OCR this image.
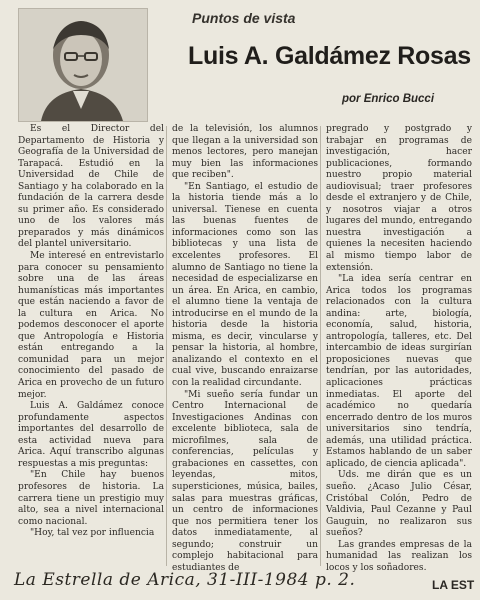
Puntos de vista
Luis A. Galdámez Rosas
por Enrico Bucci

Es el Director del Departamento de Historia y Geografía de la Universidad de Tarapacá. Estudió en la Universidad de Chile de Santiago y ha colaborado en la fundación de la carrera desde su primer año. Es considerado uno de los valores más preparados y más dinámicos del plantel universitario.

Me interesé en entrevistarlo para conocer su pensamiento sobre una de las áreas humanísticas más importantes que están naciendo a favor de la cultura en Arica. No podemos desconocer el aporte que Antropología e Historia están entregando a la comunidad para un mejor conocimiento del pasado de Arica en provecho de un futuro mejor.

Luis A. Galdámez conoce profundamente aspectos importantes del desarrollo de esta actividad nueva para Arica. Aquí transcribo algunas respuestas a mis preguntas:

"En Chile hay buenos profesores de historia. La carrera tiene un prestigio muy alto, sea a nivel internacional como nacional.

"Hoy, tal vez por influencia

de la televisión, los alumnos que llegan a la universidad son menos lectores, pero manejan muy bien las informaciones que reciben".

"En Santiago, el estudio de la historia tiende más a lo universal. Tienese en cuenta las buenas fuentes de informaciones como son las bibliotecas y una lista de excelentes profesores. El alumno de Santiago no tiene la necesidad de especializarse en un área. En Arica, en cambio, el alumno tiene la ventaja de introducirse en el mundo de la historia desde la historia misma, es decir, vincularse y pensar la historia, al hombre, analizando el contexto en el cual vive, buscando enraizarse con la realidad circundante.

"Mi sueño sería fundar un Centro Internacional de Investigaciones Andinas con excelente biblioteca, sala de microfilmes, sala de conferencias, películas y grabaciones en cassettes, con leyendas, mitos, supersticiones, música, bailes, salas para muestras gráficas, un centro de informaciones que nos permitiera tener los datos inmediatamente, al segundo; construir un complejo habitacional para estudiantes de

pregrado y postgrado y trabajar en programas de investigación, hacer publicaciones, formando nuestro propio material audiovisual; traer profesores desde el extranjero y de Chile, y nosotros viajar a otros lugares del mundo, entregando nuestra investigación a quienes la necesiten haciendo al mismo tiempo labor de extensión.

"La idea sería centrar en Arica todos los programas relacionados con la cultura andina: arte, biología, economía, salud, historia, antropología, talleres, etc. Del intercambio de ideas surgirían proposiciones nuevas que tendrían, por las autoridades, aplicaciones prácticas inmediatas. El aporte del académico no quedaría encerrado dentro de los muros universitarios sino tendría, además, una utilidad práctica. Estamos hablando de un saber aplicado, de ciencia aplicada".

Uds. me dirán que es un sueño. ¿Acaso Julio César, Cristóbal Colón, Pedro de Valdivia, Paul Cezanne y Paul Gauguin, no realizaron sus sueños?

Las grandes empresas de la humanidad las realizan los locos y los soñadores.

La Estrella de Arica, 31-III-1984 p. 2.	LA EST
